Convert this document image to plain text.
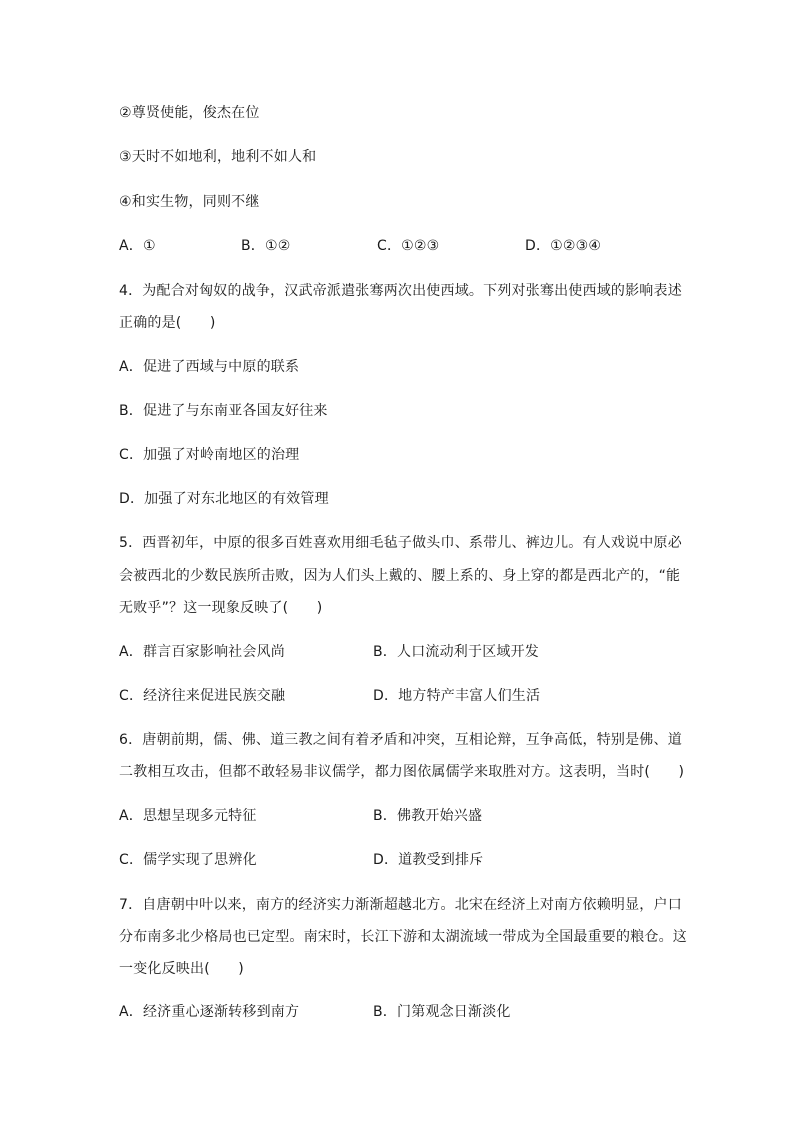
②尊贤使能，俊杰在位
③天时不如地利，地利不如人和
④和实生物，同则不继
A．①	B．①②	C．①②③	D．①②③④
4．为配合对匈奴的战争，汉武帝派遣张骞两次出使西域。下列对张骞出使西域的影响表述
正确的是(　　)
A．促进了西域与中原的联系
B．促进了与东南亚各国友好往来
C．加强了对岭南地区的治理
D．加强了对东北地区的有效管理
5．西晋初年，中原的很多百姓喜欢用细毛毡子做头巾、系带儿、裤边儿。有人戏说中原必
会被西北的少数民族所击败，因为人们头上戴的、腰上系的、身上穿的都是西北产的，“能
无败乎”？这一现象反映了(　　)
A．群言百家影响社会风尚	B．人口流动利于区域开发
C．经济往来促进民族交融	D．地方特产丰富人们生活
6．唐朝前期，儒、佛、道三教之间有着矛盾和冲突，互相论辩，互争高低，特别是佛、道
二教相互攻击，但都不敢轻易非议儒学，都力图依属儒学来取胜对方。这表明，当时(　　)
A．思想呈现多元特征	B．佛教开始兴盛
C．儒学实现了思辨化	D．道教受到排斥
7．自唐朝中叶以来，南方的经济实力渐渐超越北方。北宋在经济上对南方依赖明显，户口
分布南多北少格局也已定型。南宋时，长江下游和太湖流域一带成为全国最重要的粮仓。这
一变化反映出(　　)
A．经济重心逐渐转移到南方	B．门第观念日渐淡化
